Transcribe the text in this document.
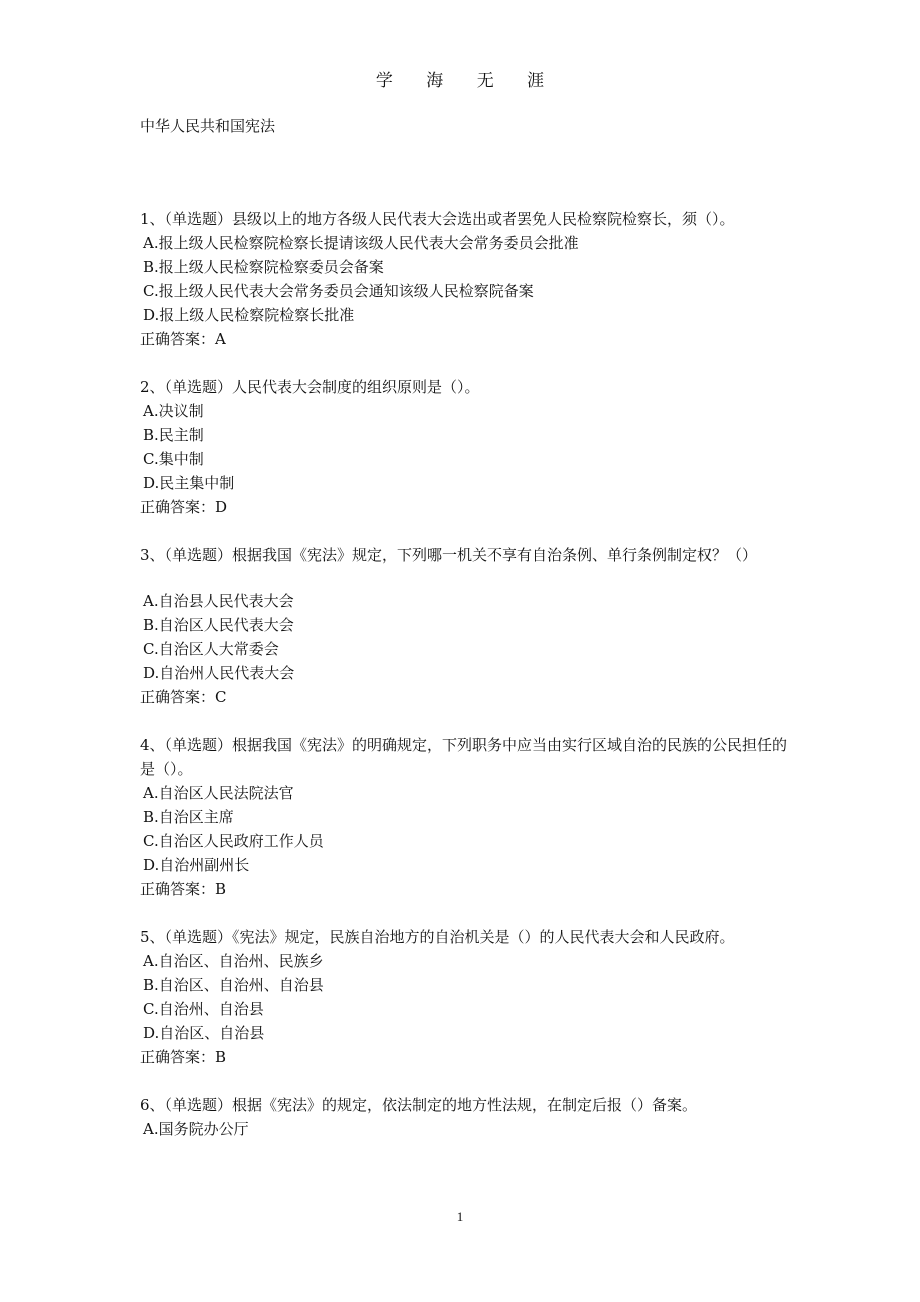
学 海 无 涯
中华人民共和国宪法
1、（单选题）县级以上的地方各级人民代表大会选出或者罢免人民检察院检察长，须（）。
A.报上级人民检察院检察长提请该级人民代表大会常务委员会批准
B.报上级人民检察院检察委员会备案
C.报上级人民代表大会常务委员会通知该级人民检察院备案
D.报上级人民检察院检察长批准
正确答案：A
2、（单选题）人民代表大会制度的组织原则是（）。
A.决议制
B.民主制
C.集中制
D.民主集中制
正确答案：D
3、（单选题）根据我国《宪法》规定，下列哪一机关不享有自治条例、单行条例制定权？（）
A.自治县人民代表大会
B.自治区人民代表大会
C.自治区人大常委会
D.自治州人民代表大会
正确答案：C
4、（单选题）根据我国《宪法》的明确规定，下列职务中应当由实行区域自治的民族的公民担任的是（）。
A.自治区人民法院法官
B.自治区主席
C.自治区人民政府工作人员
D.自治州副州长
正确答案：B
5、（单选题）《宪法》规定，民族自治地方的自治机关是（）的人民代表大会和人民政府。
A.自治区、自治州、民族乡
B.自治区、自治州、自治县
C.自治州、自治县
D.自治区、自治县
正确答案：B
6、（单选题）根据《宪法》的规定，依法制定的地方性法规，在制定后报（）备案。
A.国务院办公厅
1
